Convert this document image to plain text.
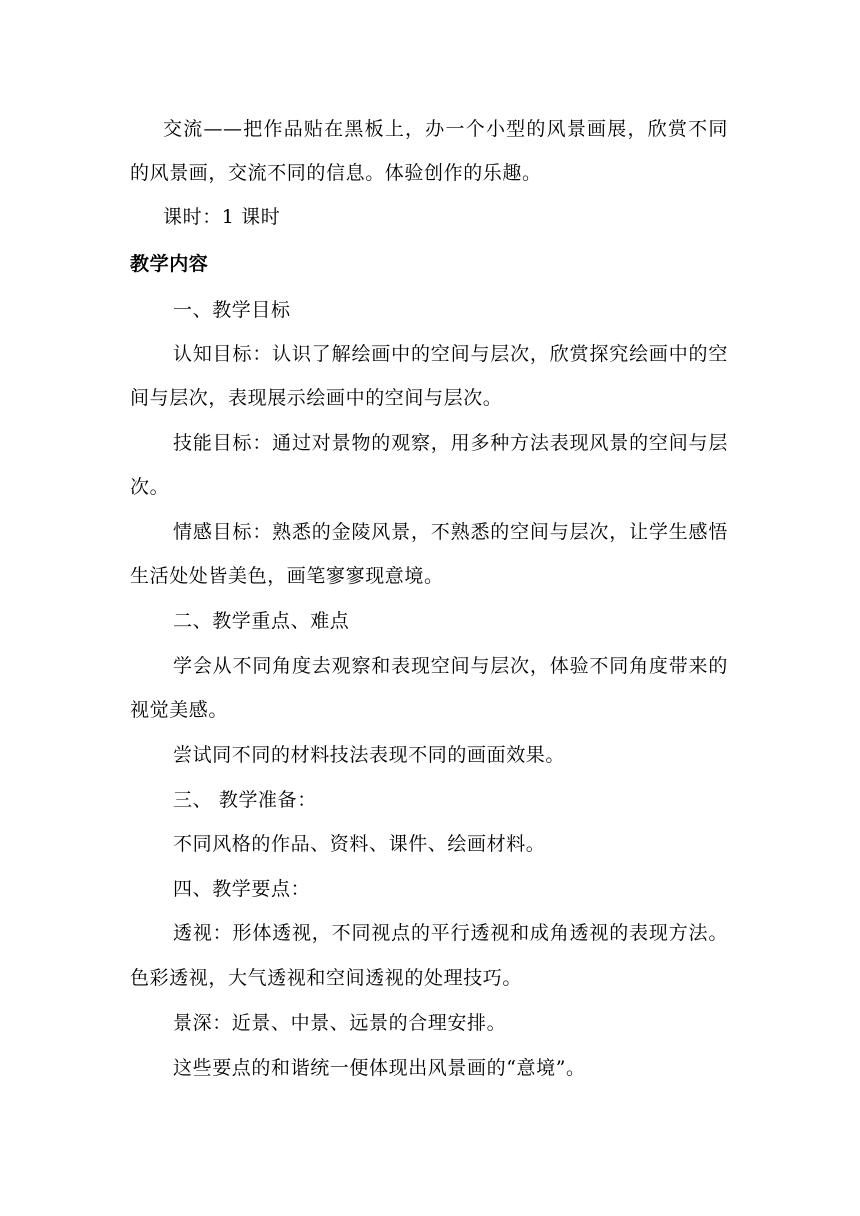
交流——把作品贴在黑板上，办一个小型的风景画展，欣赏不同
的风景画，交流不同的信息。体验创作的乐趣。
课时：1 课时
教学内容
一、教学目标
认知目标：认识了解绘画中的空间与层次，欣赏探究绘画中的空
间与层次，表现展示绘画中的空间与层次。
技能目标：通过对景物的观察，用多种方法表现风景的空间与层
次。
情感目标：熟悉的金陵风景，不熟悉的空间与层次，让学生感悟
生活处处皆美色，画笔寥寥现意境。
二、教学重点、难点
学会从不同角度去观察和表现空间与层次，体验不同角度带来的
视觉美感。
尝试同不同的材料技法表现不同的画面效果。
三、 教学准备：
不同风格的作品、资料、课件、绘画材料。
四、教学要点：
透视：形体透视，不同视点的平行透视和成角透视的表现方法。
色彩透视，大气透视和空间透视的处理技巧。
景深：近景、中景、远景的合理安排。
这些要点的和谐统一便体现出风景画的“意境”。
